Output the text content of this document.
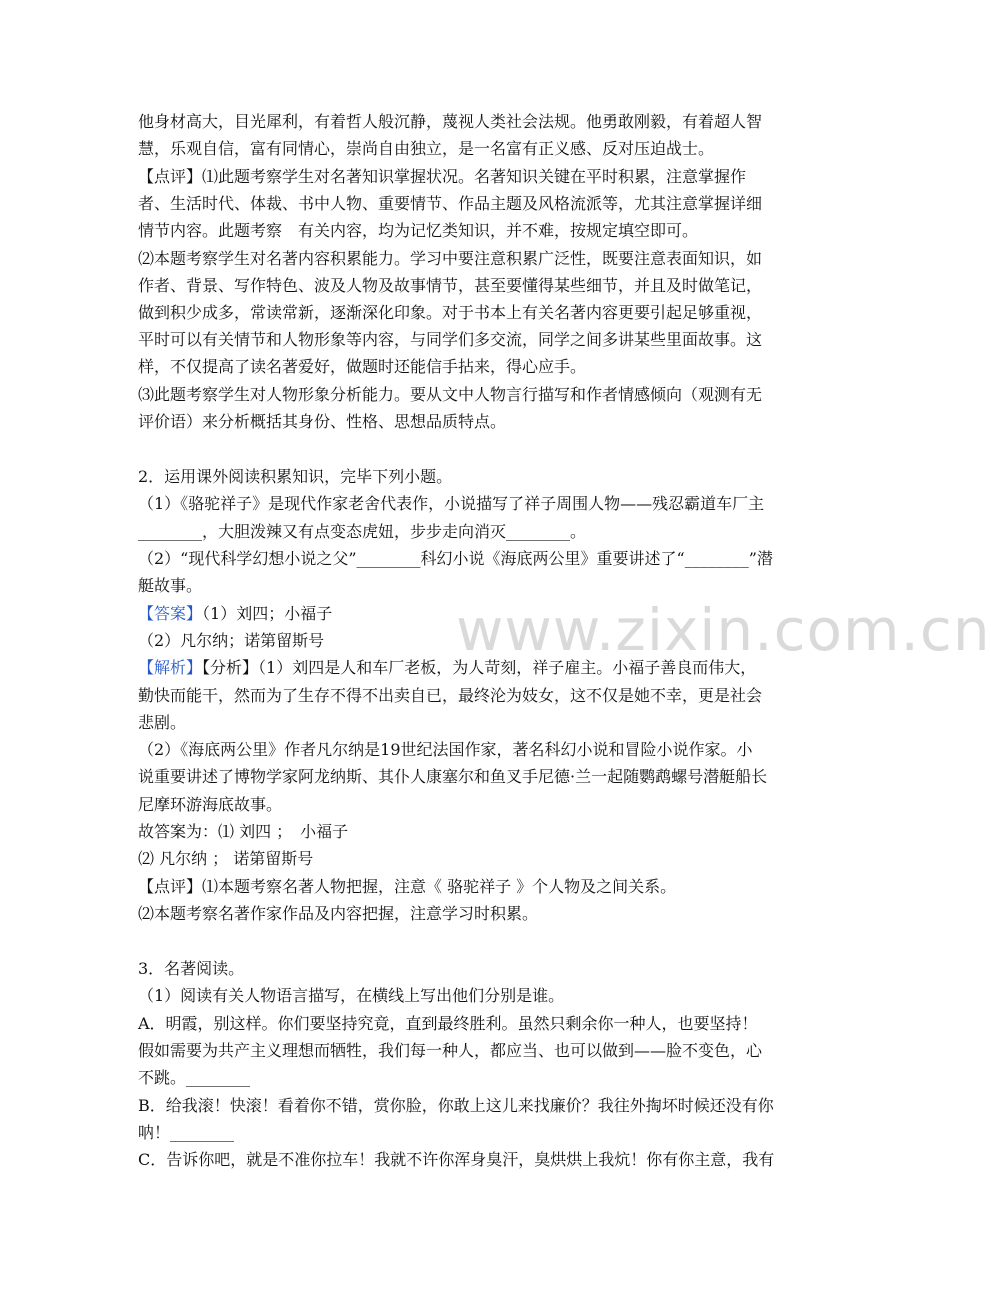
www.zixin.com.cn
他身材高大，目光犀利，有着哲人般沉静，蔑视人类社会法规。他勇敢刚毅，有着超人智
慧，乐观自信，富有同情心，崇尚自由独立，是一名富有正义感、反对压迫战士。
【点评】⑴此题考察学生对名著知识掌握状况。名著知识关键在平时积累，注意掌握作
者、生活时代、体裁、书中人物、重要情节、作品主题及风格流派等，尤其注意掌握详细
情节内容。此题考察　有关内容，均为记忆类知识，并不难，按规定填空即可。
⑵本题考察学生对名著内容积累能力。学习中要注意积累广泛性，既要注意表面知识，如
作者、背景、写作特色、波及人物及故事情节，甚至要懂得某些细节，并且及时做笔记，
做到积少成多，常读常新，逐渐深化印象。对于书本上有关名著内容更要引起足够重视，
平时可以有关情节和人物形象等内容，与同学们多交流，同学之间多讲某些里面故事。这
样，不仅提高了读名著爱好，做题时还能信手拈来，得心应手。
⑶此题考察学生对人物形象分析能力。要从文中人物言行描写和作者情感倾向（观测有无
评价语）来分析概括其身份、性格、思想品质特点。
2．运用课外阅读积累知识，完毕下列小题。
（1）《骆驼祥子》是现代作家老舍代表作，小说描写了祥子周围人物——残忍霸道车厂主
________，大胆泼辣又有点变态虎妞，步步走向消灭________。
（2）“现代科学幻想小说之父”________科幻小说《海底两公里》重要讲述了“________”潜
艇故事。
【答案】（1）刘四；小福子
（2）凡尔纳；诺第留斯号
【解析】【分析】（1）刘四是人和车厂老板，为人苛刻，祥子雇主。小福子善良而伟大，
勤快而能干，然而为了生存不得不出卖自已，最终沦为妓女，这不仅是她不幸，更是社会
悲剧。
（2）《海底两公里》作者凡尔纳是19世纪法国作家，著名科幻小说和冒险小说作家。小
说重要讲述了博物学家阿龙纳斯、其仆人康塞尔和鱼叉手尼德·兰一起随鹦鹉螺号潜艇船长
尼摩环游海底故事。
故答案为：⑴ 刘四 ；　小福子
⑵ 凡尔纳 ； 诺第留斯号
【点评】⑴本题考察名著人物把握，注意《 骆驼祥子 》个人物及之间关系。
⑵本题考察名著作家作品及内容把握，注意学习时积累。
3．名著阅读。
（1）阅读有关人物语言描写，在横线上写出他们分别是谁。
A．明霞，别这样。你们要坚持究竟，直到最终胜利。虽然只剩余你一种人，也要坚持！
假如需要为共产主义理想而牺牲，我们每一种人，都应当、也可以做到——脸不变色，心
不跳。________
B．给我滚！快滚！看着你不错，赏你脸，你敢上这儿来找廉价？我往外掏坏时候还没有你
呐！________
C．告诉你吧，就是不准你拉车！我就不许你浑身臭汗，臭烘烘上我炕！你有你主意，我有
